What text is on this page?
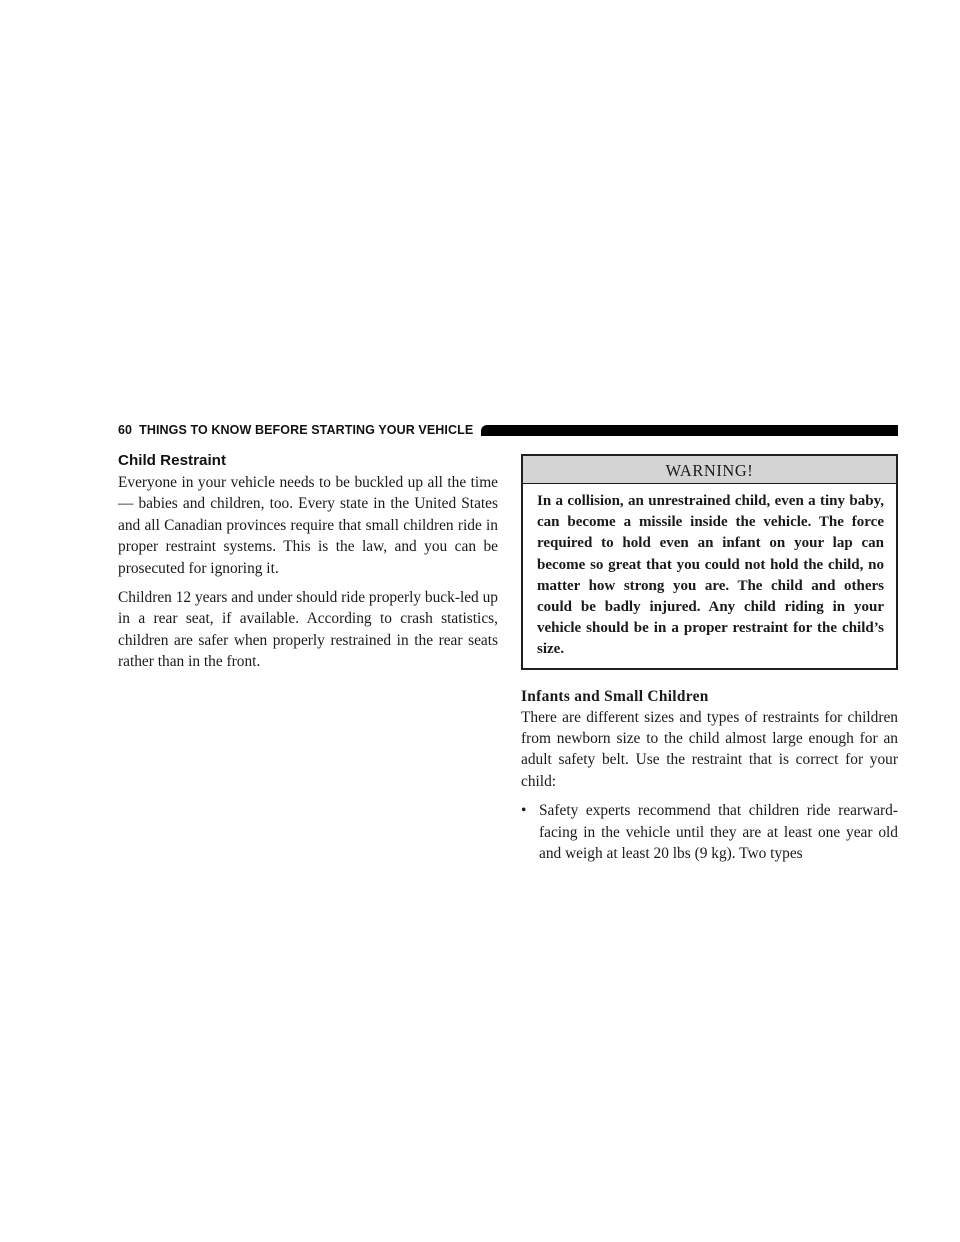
60 THINGS TO KNOW BEFORE STARTING YOUR VEHICLE
Child Restraint

Everyone in your vehicle needs to be buckled up all the time — babies and children, too. Every state in the United States and all Canadian provinces require that small children ride in proper restraint systems. This is the law, and you can be prosecuted for ignoring it.

Children 12 years and under should ride properly buck-led up in a rear seat, if available. According to crash statistics, children are safer when properly restrained in the rear seats rather than in the front.

WARNING!
In a collision, an unrestrained child, even a tiny baby, can become a missile inside the vehicle. The force required to hold even an infant on your lap can become so great that you could not hold the child, no matter how strong you are. The child and others could be badly injured. Any child riding in your vehicle should be in a proper restraint for the child’s size.
Infants and Small Children

There are different sizes and types of restraints for children from newborn size to the child almost large enough for an adult safety belt. Use the restraint that is correct for your child:

• Safety experts recommend that children ride rearward-facing in the vehicle until they are at least one year old and weigh at least 20 lbs (9 kg). Two types
